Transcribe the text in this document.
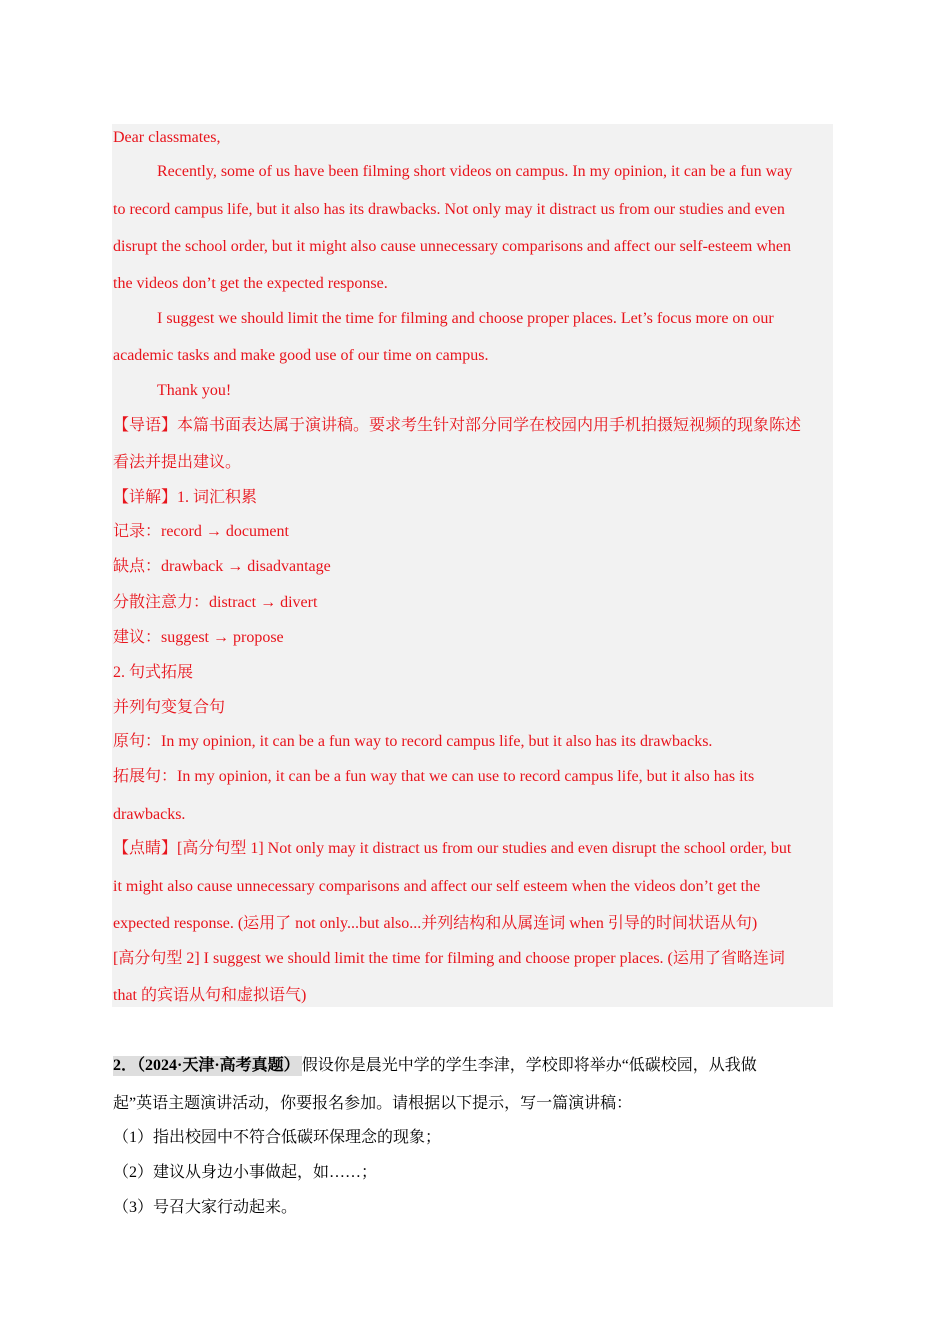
Dear classmates,
Recently, some of us have been filming short videos on campus. In my opinion, it can be a fun way
to record campus life, but it also has its drawbacks. Not only may it distract us from our studies and even
disrupt the school order, but it might also cause unnecessary comparisons and affect our self-esteem when
the videos don’t get the expected response.
I suggest we should limit the time for filming and choose proper places. Let’s focus more on our
academic tasks and make good use of our time on campus.
Thank you!
【导语】本篇书面表达属于演讲稿。要求考生针对部分同学在校园内用手机拍摄短视频的现象陈述
看法并提出建议。
【详解】1. 词汇积累
记录：record → document
缺点：drawback → disadvantage
分散注意力：distract → divert
建议：suggest → propose
2. 句式拓展
并列句变复合句
原句：In my opinion, it can be a fun way to record campus life, but it also has its drawbacks.
拓展句：In my opinion, it can be a fun way that we can use to record campus life, but it also has its
drawbacks.
【点睛】[高分句型 1] Not only may it distract us from our studies and even disrupt the school order, but
it might also cause unnecessary comparisons and affect our self esteem when the videos don’t get the
expected response. (运用了 not only...but also...并列结构和从属连词 when 引导的时间状语从句)
[高分句型 2] I suggest we should limit the time for filming and choose proper places. (运用了省略连词
that 的宾语从句和虚拟语气)
2．（2024·天津·高考真题） 假设你是晨光中学的学生李津，学校即将举办“低碳校园，从我做
起”英语主题演讲活动，你要报名参加。请根据以下提示，写一篇演讲稿：
（1）指出校园中不符合低碳环保理念的现象；
（2）建议从身边小事做起，如……；
（3）号召大家行动起来。
